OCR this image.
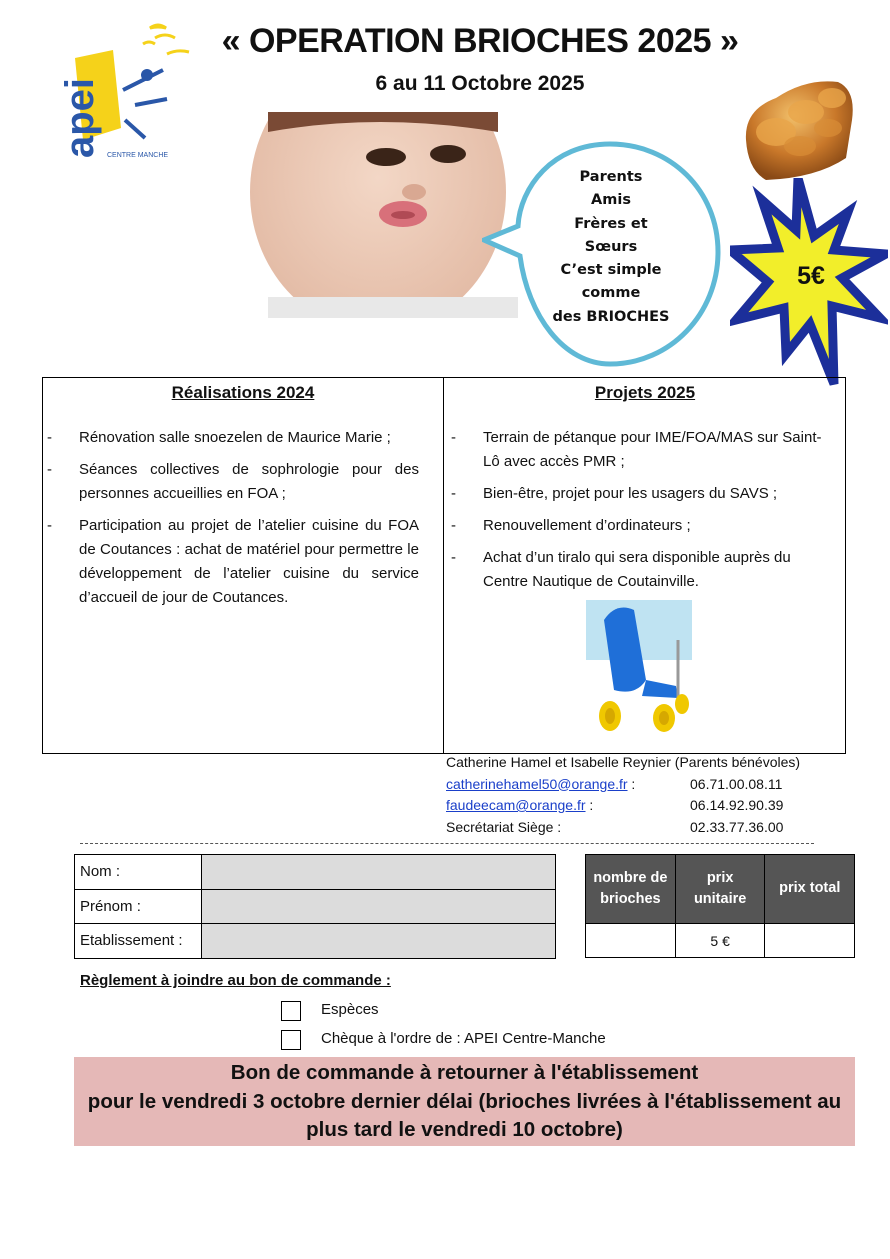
« OPERATION BRIOCHES 2025 »
6 au 11 Octobre 2025
apei CENTRE MANCHE
Parents
Amis
Frères et
Sœurs
C’est simple
comme
des BRIOCHES
5€
Réalisations 2024	Projets 2025
- Rénovation salle snoezelen de Maurice Marie ;
- Séances collectives de sophrologie pour des personnes accueillies en FOA ;
- Participation au projet de l’atelier cuisine du FOA de Coutances : achat de matériel pour permettre le développement de l’atelier cuisine du service d’accueil de jour de Coutances.
- Terrain de pétanque pour IME/FOA/MAS sur Saint-Lô avec accès PMR ;
- Bien-être, projet pour les usagers du SAVS ;
- Renouvellement d’ordinateurs ;
- Achat d’un tiralo qui sera disponible auprès du Centre Nautique de Coutainville.
Catherine Hamel et Isabelle Reynier (Parents bénévoles)
catherinehamel50@orange.fr :	06.71.00.08.11
faudeecam@orange.fr :	06.14.92.90.39
Secrétariat Siège :	02.33.77.36.00
Nom :	
Prénom :	
Etablissement :	
nombre de brioches	prix unitaire	prix total
	5 €	
Règlement à joindre au bon de commande :
Espèces
Chèque à l'ordre de : APEI Centre-Manche
Bon de commande à retourner à l'établissement
pour le vendredi 3 octobre dernier délai (brioches livrées à l'établissement au
plus tard le vendredi 10 octobre)
